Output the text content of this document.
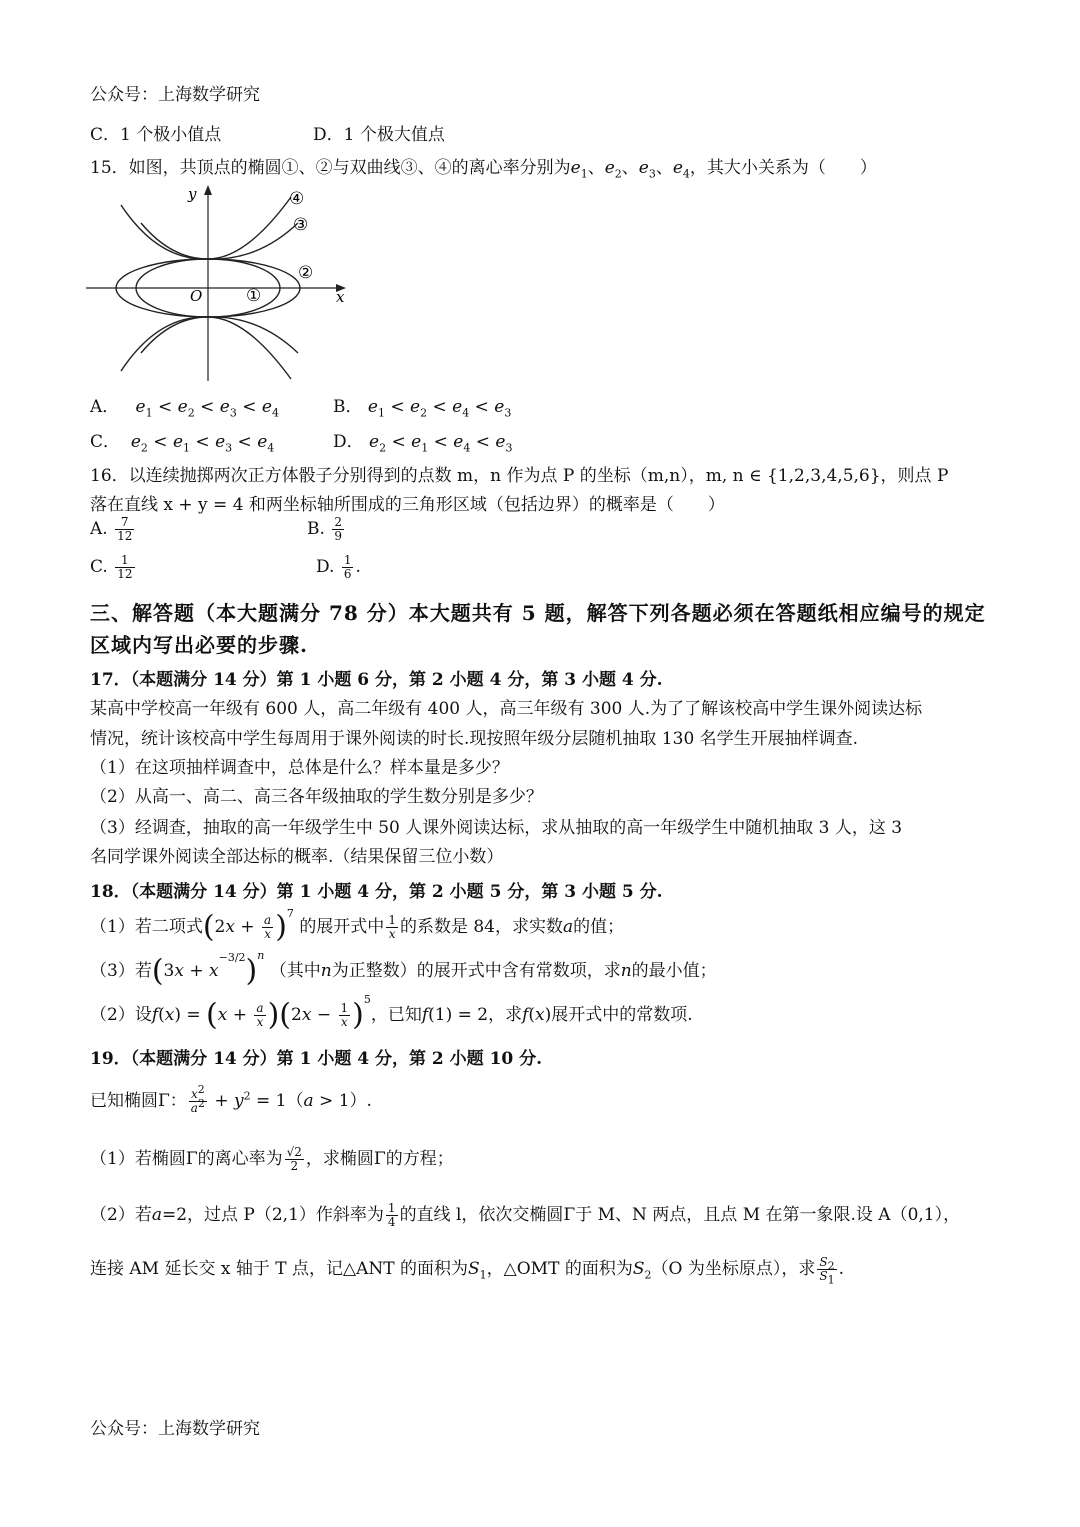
公众号：上海数学研究
C．1 个极小值点	D．1 个极大值点
15．如图，共顶点的椭圆①、②与双曲线③、④的离心率分别为$e_1$、$e_2$、$e_3$、$e_4$，其大小关系为（　　）
y
x
O
④
③
②
①
A． $e_1 < e_2 < e_3 < e_4$	B． $e_1 < e_2 < e_4 < e_3$
C． $e_2 < e_1 < e_3 < e_4$	D． $e_2 < e_1 < e_4 < e_3$
16．以连续抛掷两次正方体骰子分别得到的点数 m，n 作为点 P 的坐标（m,n），m, n ∈ {1,2,3,4,5,6}，则点 P
落在直线 x + y = 4 和两坐标轴所围成的三角形区域（包括边界）的概率是（　　）
A. $\frac{7}{12}$	B. $\frac{2}{9}$
C. $\frac{1}{12}$	D. $\frac{1}{6}$ .
三、解答题（本大题满分 78 分）本大题共有 5 题，解答下列各题必须在答题纸相应编号的规定
区域内写出必要的步骤.
17．（本题满分 14 分）第 1 小题 6 分，第 2 小题 4 分，第 3 小题 4 分.
某高中学校高一年级有 600 人，高二年级有 400 人，高三年级有 300 人.为了了解该校高中学生课外阅读达标
情况，统计该校高中学生每周用于课外阅读的时长.现按照年级分层随机抽取 130 名学生开展抽样调查.
（1）在这项抽样调查中，总体是什么？样本量是多少？
（2）从高一、高二、高三各年级抽取的学生数分别是多少？
（3）经调查，抽取的高一年级学生中 50 人课外阅读达标，求从抽取的高一年级学生中随机抽取 3 人，这 3
名同学课外阅读全部达标的概率.（结果保留三位小数）
18．（本题满分 14 分）第 1 小题 4 分，第 2 小题 5 分，第 3 小题 5 分.
（1）若二项式$(2x + \frac{a}{x} )^7$ 的展开式中 $\frac{1}{x}$ 的系数是 84，求实数a的值；
（3）若$(3x + x^{-3/2})^n$ （其中n为正整数）的展开式中含有常数项，求n的最小值；
（2）设$f(x) = (x + \frac{a}{x} )(2x - \frac{1}{x} )^5$，已知f(1) = 2，求f(x)展开式中的常数项.
19．（本题满分 14 分）第 1 小题 4 分，第 2 小题 10 分.
已知椭圆Γ： $\frac{x^2}{a^2} + y^2 = 1(a > 1)$.
（1）若椭圆Γ的离心率为 $\frac{√2}{2}$ ，求椭圆Γ的方程；
（2）若a=2，过点 P（2,1）作斜率为 $\frac{1}{4}$ 的直线 l，依次交椭圆Γ于 M、N 两点，且点 M 在第一象限.设 A（0,1），
连接 AM 延长交 x 轴于 T 点，记△ANT 的面积为$S_1$，△OMT 的面积为$S_2(O$ 为坐标原点），求 $\frac{S_2}{S_1}$ .
公众号：上海数学研究
